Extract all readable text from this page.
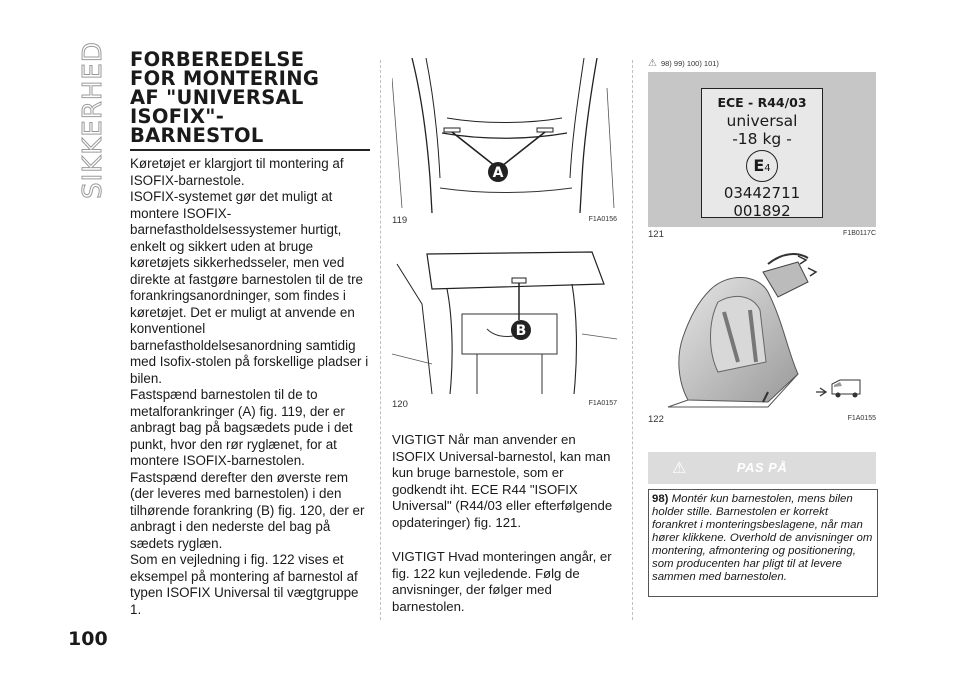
SIKKERHED FORBEREDELSE
FOR MONTERING
AF "UNIVERSAL
ISOFIX"-
BARNESTOL

Køretøjet er klargjort til montering af ISOFIX-barnestole.

ISOFIX-systemet gør det muligt at montere ISOFIX-barnefastholdelsessystemer hurtigt, enkelt og sikkert uden at bruge køretøjets sikkerhedsseler, men ved direkte at fastgøre barnestolen til de tre forankringsanordninger, som findes i køretøjet. Det er muligt at anvende en konventionel barnefastholdelsesanordning samtidig med Isofix-stolen på forskellige pladser i bilen.

Fastspænd barnestolen til de to metalforankringer (A) fig. 119, der er anbragt bag på bagsædets pude i det punkt, hvor den rør ryglænet, for at montere ISOFIX-barnestolen.

Fastspænd derefter den øverste rem (der leveres med barnestolen) i den tilhørende forankring (B) fig. 120, der er anbragt i den nederste del bag på sædets ryglæn.

Som en vejledning i fig. 122 vises et eksempel på montering af barnestol af typen ISOFIX Universal til vægtgruppe 1.

100
A
119	F1A0156
B
120	F1A0157
VIGTIGT Når man anvender en ISOFIX Universal-barnestol, kan man kun bruge barnestole, som er godkendt iht. ECE R44 "ISOFIX Universal" (R44/03 eller efterfølgende opdateringer) fig. 121.
VIGTIGT Hvad monteringen angår, er fig. 122 kun vejledende. Følg de anvisninger, der følger med barnestolen.
⚠ 98) 99) 100) 101)
121	F1B0117C
ECE - R44/03
universal
-18 kg -
E4
03442711
001892
122	F1A0155
⚠	PAS PÅ
98) Montér kun barnestolen, mens bilen holder stille. Barnestolen er korrekt forankret i monteringsbeslagene, når man hører klikkene. Overhold de anvisninger om montering, afmontering og positionering, som producenten har pligt til at levere sammen med barnestolen.
